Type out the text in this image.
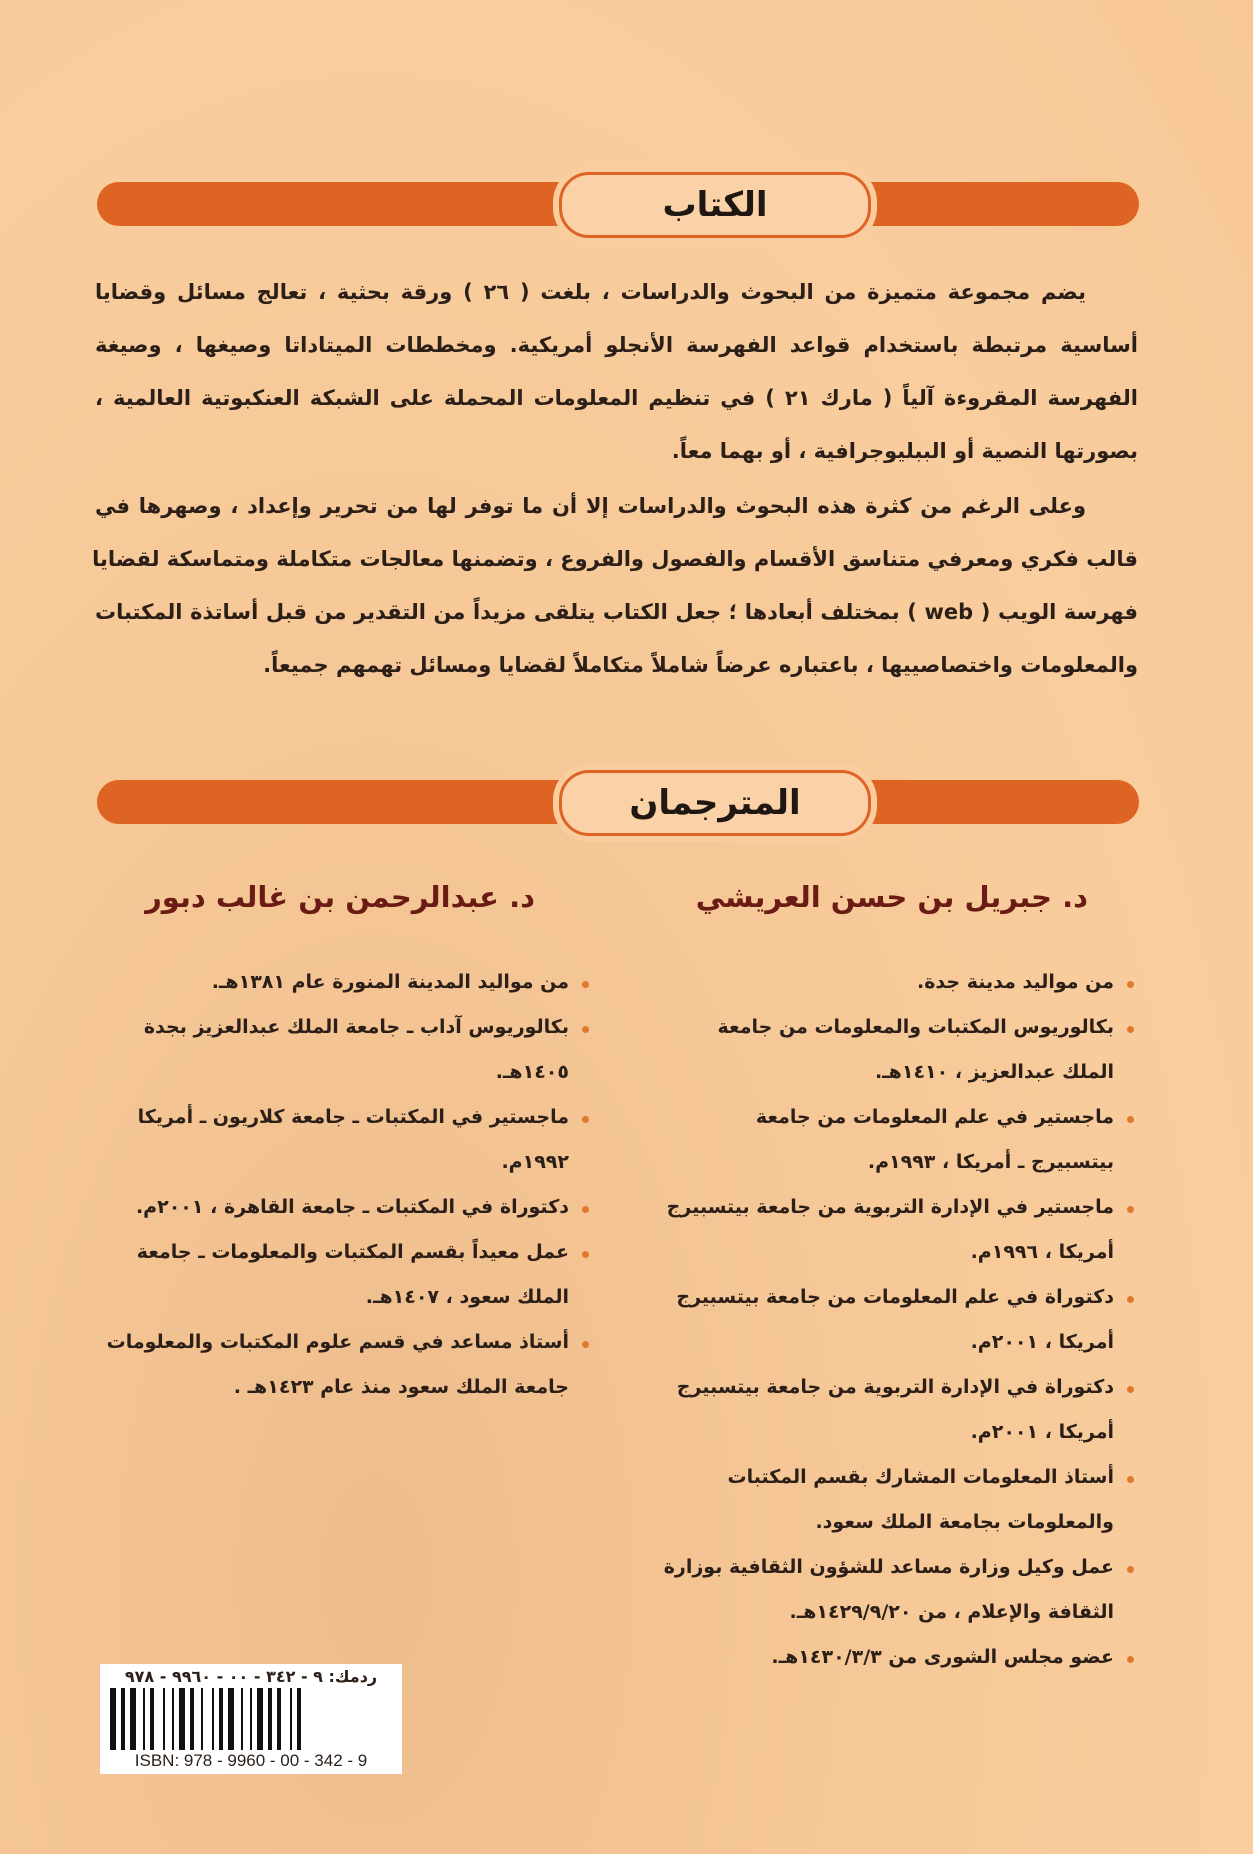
الكتاب
يضم مجموعة متميزة من البحوث والدراسات ، بلغت ( ٢٦ ) ورقة بحثية ، تعالج مسائل وقضايا
أساسية مرتبطة باستخدام قواعد الفهرسة الأنجلو أمريكية. ومخططات الميتاداتا وصيغها ، وصيغة
الفهرسة المقروءة آلياً ( مارك ٢١ ) في تنظيم المعلومات المحملة على الشبكة العنكبوتية العالمية ،
بصورتها النصية أو الببليوجرافية ، أو بهما معاً.
وعلى الرغم من كثرة هذه البحوث والدراسات إلا أن ما توفر لها من تحرير وإعداد ، وصهرها في
قالب فكري ومعرفي متناسق الأقسام والفصول والفروع ، وتضمنها معالجات متكاملة ومتماسكة لقضايا
فهرسة الويب ( web ) بمختلف أبعادها ؛ جعل الكتاب يتلقى مزيداً من التقدير من قبل أساتذة المكتبات
والمعلومات واختصاصييها ، باعتباره عرضاً شاملاً متكاملاً لقضايا ومسائل تهمهم جميعاً.
المترجمان
د. جبريل بن حسن العريشي
د. عبدالرحمن بن غالب دبور
من مواليد مدينة جدة.
بكالوريوس المكتبات والمعلومات من جامعة
الملك عبدالعزيز ، ١٤١٠هـ.
ماجستير في علم المعلومات من جامعة
بيتسبيرج ـ أمريكا ، ١٩٩٣م.
ماجستير في الإدارة التربوية من جامعة بيتسبيرج
أمريكا ، ١٩٩٦م.
دكتوراة في علم المعلومات من جامعة بيتسبيرج
أمريكا ، ٢٠٠١م.
دكتوراة في الإدارة التربوية من جامعة بيتسبيرج
أمريكا ، ٢٠٠١م.
أستاذ المعلومات المشارك بقسم المكتبات
والمعلومات بجامعة الملك سعود.
عمل وكيل وزارة مساعد للشؤون الثقافية بوزارة
الثقافة والإعلام ، من ١٤٢٩/٩/٢٠هـ.
عضو مجلس الشورى من ١٤٣٠/٣/٣هـ.
من مواليد المدينة المنورة عام ١٣٨١هـ.
بكالوريوس آداب ـ جامعة الملك عبدالعزيز بجدة
١٤٠٥هـ.
ماجستير في المكتبات ـ جامعة كلاريون ـ أمريكا
١٩٩٢م.
دكتوراة في المكتبات ـ جامعة القاهرة ، ٢٠٠١م.
عمل معيداً بقسم المكتبات والمعلومات ـ جامعة
الملك سعود ، ١٤٠٧هـ.
أستاذ مساعد في قسم علوم المكتبات والمعلومات
جامعة الملك سعود منذ عام ١٤٢٣هـ .
ردمك: ٩ - ٣٤٢ - ٠٠ - ٩٩٦٠ - ٩٧٨
ISBN: 978 - 9960 - 00 - 342 - 9
